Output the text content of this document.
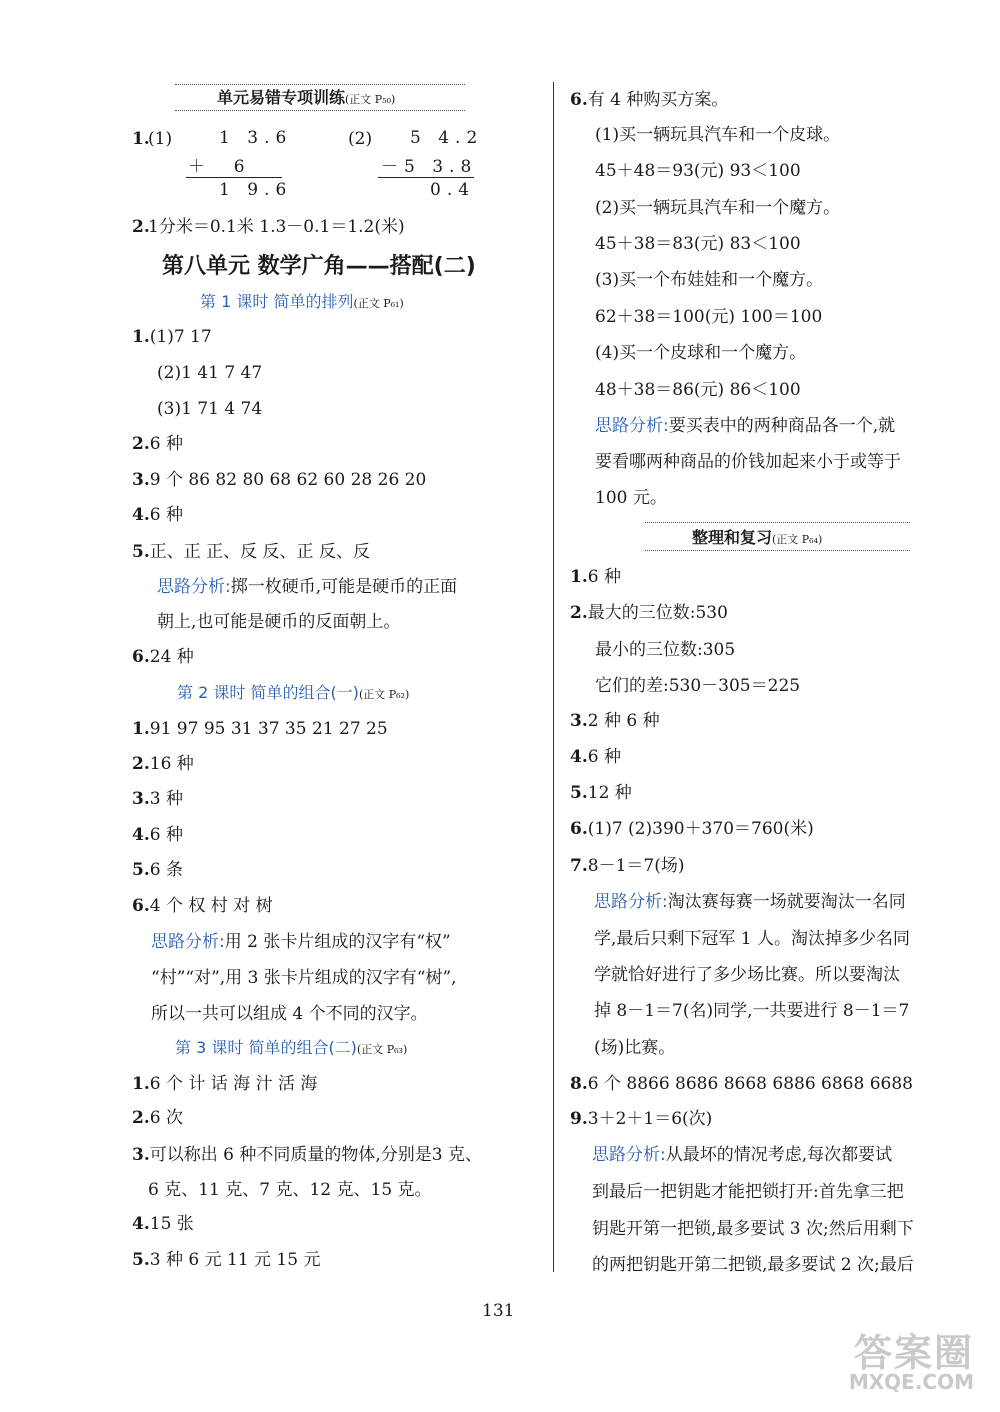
单元易错专项训练(正文 P₅₀)
1.
(1)	1 3.6
＋  6
1 9.6
(2) 5 4.2
－5 3.8
0.4
2.
1分米＝0.1米 1.3－0.1＝1.2(米)
第八单元 数学广角——搭配(二)
第 1 课时 简单的排列(正文 P₆₁)
1.(1)7 17
(2)1 41 7 47
(3)1 71 4 74
2.6 种
3.9 个 86 82 80 68 62 60 28 26 20
4.6 种
5.正、正 正、反 反、正 反、反
思路分析:掷一枚硬币,可能是硬币的正面
朝上,也可能是硬币的反面朝上。
6.24 种
第 2 课时 简单的组合(一)(正文 P₆₂)
1.91 97 95 31 37 35 21 27 25
2.16 种
3.3 种
4.6 种
5.6 条
6.4 个 权 村 对 树
思路分析:用 2 张卡片组成的汉字有“权”
“村”“对”,用 3 张卡片组成的汉字有“树”,
所以一共可以组成 4 个不同的汉字。
第 3 课时 简单的组合(二)(正文 P₆₃)
1.6 个 计 话 海 汁 活 海
2.6 次
3.可以称出 6 种不同质量的物体,分别是3 克、
6 克、11 克、7 克、12 克、15 克。
4.15 张
5.3 种 6 元 11 元 15 元
6.有 4 种购买方案。
(1)买一辆玩具汽车和一个皮球。
45＋48＝93(元) 93＜100
(2)买一辆玩具汽车和一个魔方。
45＋38＝83(元) 83＜100
(3)买一个布娃娃和一个魔方。
62＋38＝100(元) 100＝100
(4)买一个皮球和一个魔方。
48＋38＝86(元) 86＜100
思路分析:要买表中的两种商品各一个,就
要看哪两种商品的价钱加起来小于或等于
100 元。
整理和复习(正文 P₆₄)
1.6 种
2.最大的三位数:530
最小的三位数:305
它们的差:530－305＝225
3.2 种 6 种
4.6 种
5.12 种
6.(1)7 (2)390＋370＝760(米)
7.8－1＝7(场)
思路分析:淘汰赛每赛一场就要淘汰一名同
学,最后只剩下冠军 1 人。淘汰掉多少名同
学就恰好进行了多少场比赛。所以要淘汰
掉 8－1＝7(名)同学,一共要进行 8－1＝7
(场)比赛。
8.6 个 8866 8686 8668 6886 6868 6688
9.3＋2＋1＝6(次)
思路分析:从最坏的情况考虑,每次都要试
到最后一把钥匙才能把锁打开:首先拿三把
钥匙开第一把锁,最多要试 3 次;然后用剩下
的两把钥匙开第二把锁,最多要试 2 次;最后
131
答案圈
MXQE.COM
